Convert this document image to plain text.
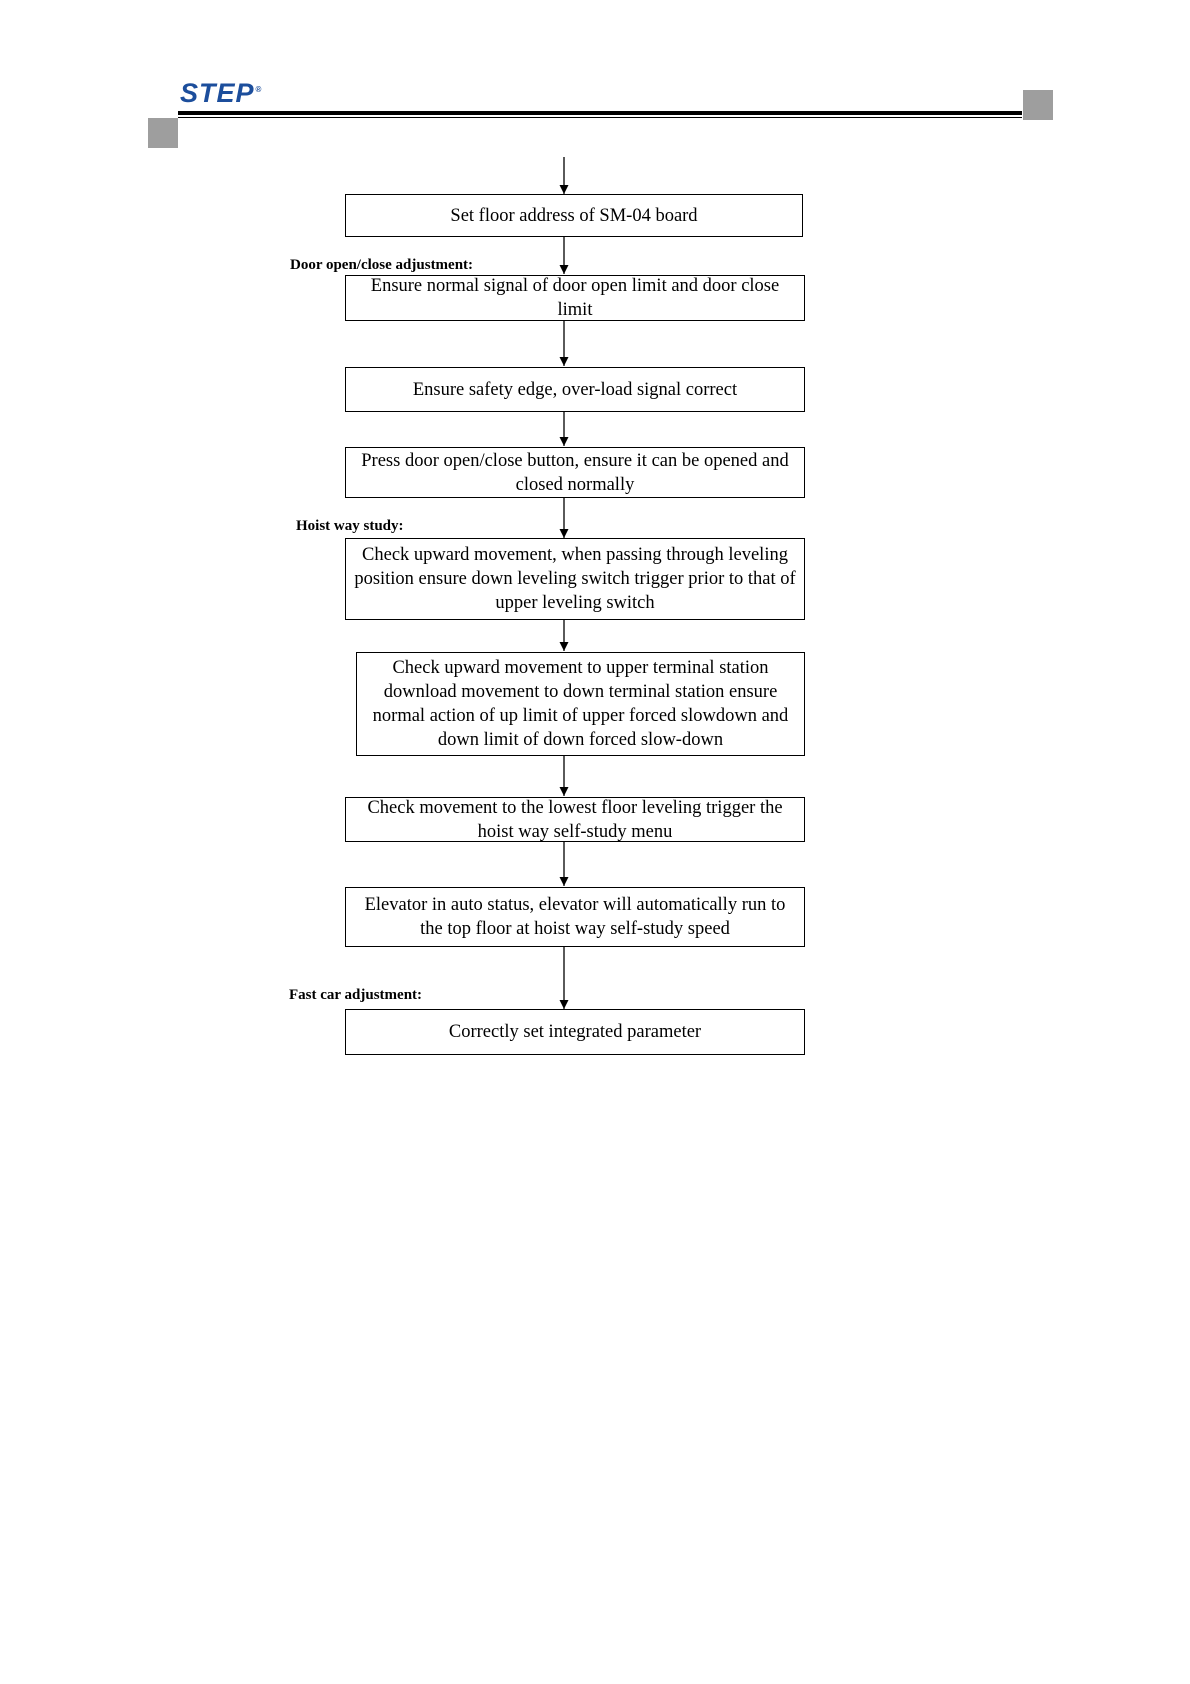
STEP®
Door open/close adjustment:
Hoist way study:
Fast car adjustment:
Set floor address of SM-04 board
Ensure normal signal of door open limit and door close limit
Ensure safety edge, over-load signal correct
Press door open/close button, ensure it can be opened and closed normally
Check upward movement, when passing through leveling position ensure down leveling switch trigger prior to that of upper leveling switch
Check upward movement to upper terminal station download movement to down terminal station ensure normal action of up limit of upper forced slowdown and down limit of down forced slow-down
Check movement to the lowest floor leveling trigger the hoist way self-study menu
Elevator in auto status, elevator will automatically run to the top floor at hoist way self-study speed
Correctly set integrated parameter
